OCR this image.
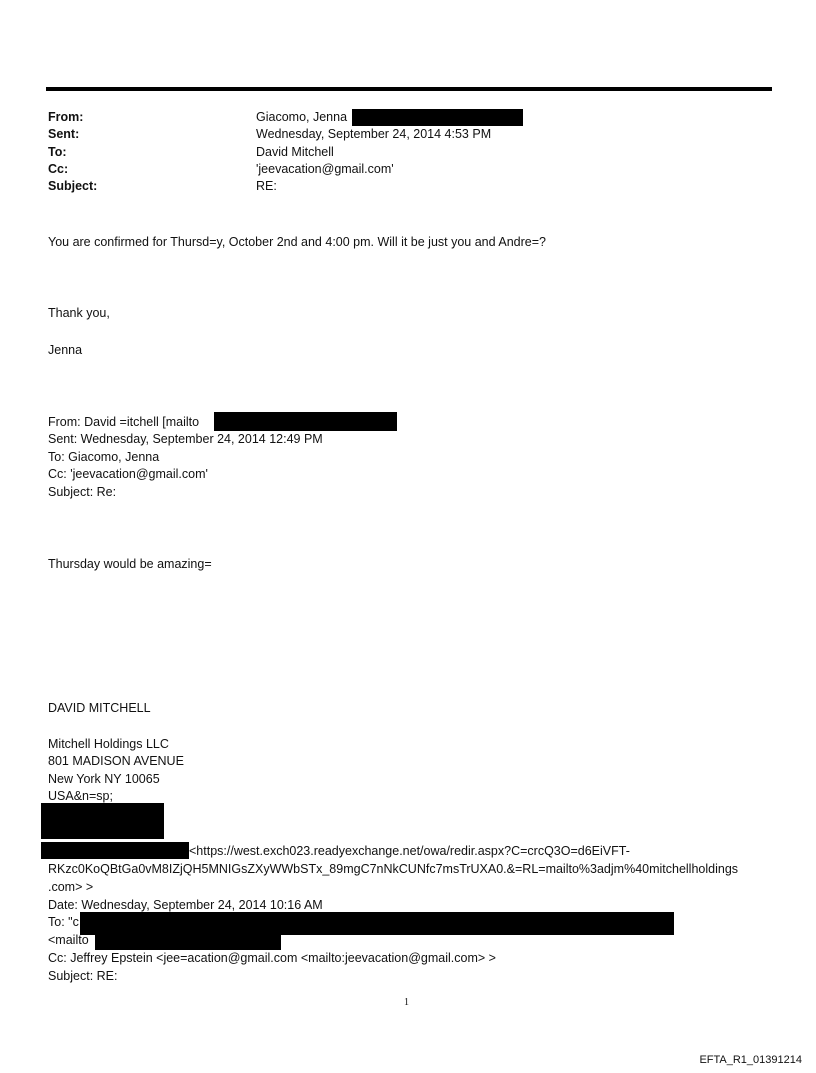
From:	Giacomo, Jenna
Sent:	Wednesday, September 24, 2014 4:53 PM
To:	David Mitchell
Cc:	'jeevacation@gmail.com'
Subject:	RE:
You are confirmed for Thursd=y, October 2nd and 4:00 pm. Will it be just you and Andre=?
Thank you,
Jenna
From: David =itchell [mailto
Sent: Wednesday, September 24, 2014 12:49 PM
To: Giacomo, Jenna
Cc: 'jeevacation@gmail.com'
Subject: Re:
Thursday would be amazing=
DAVID MITCHELL
Mitchell Holdings LLC
801 MADISON AVENUE
New York NY 10065
USA&n=sp;
<https://west.exch023.readyexchange.net/owa/redir.aspx?C=crcQ3O=d6EiVFT-
RKzc0KoQBtGa0vM8IZjQH5MNIGsZXyWWbSTx_89mgC7nNkCUNfc7msTrUXA0.&=RL=mailto%3adjm%40mitchellholdings
.com> >
Date: Wednesday, September 24, 2014 10:16 AM
To: "c
<mailto
Cc: Jeffrey Epstein <jee=acation@gmail.com <mailto:jeevacation@gmail.com> >
Subject: RE:
1
EFTA_R1_01391214
